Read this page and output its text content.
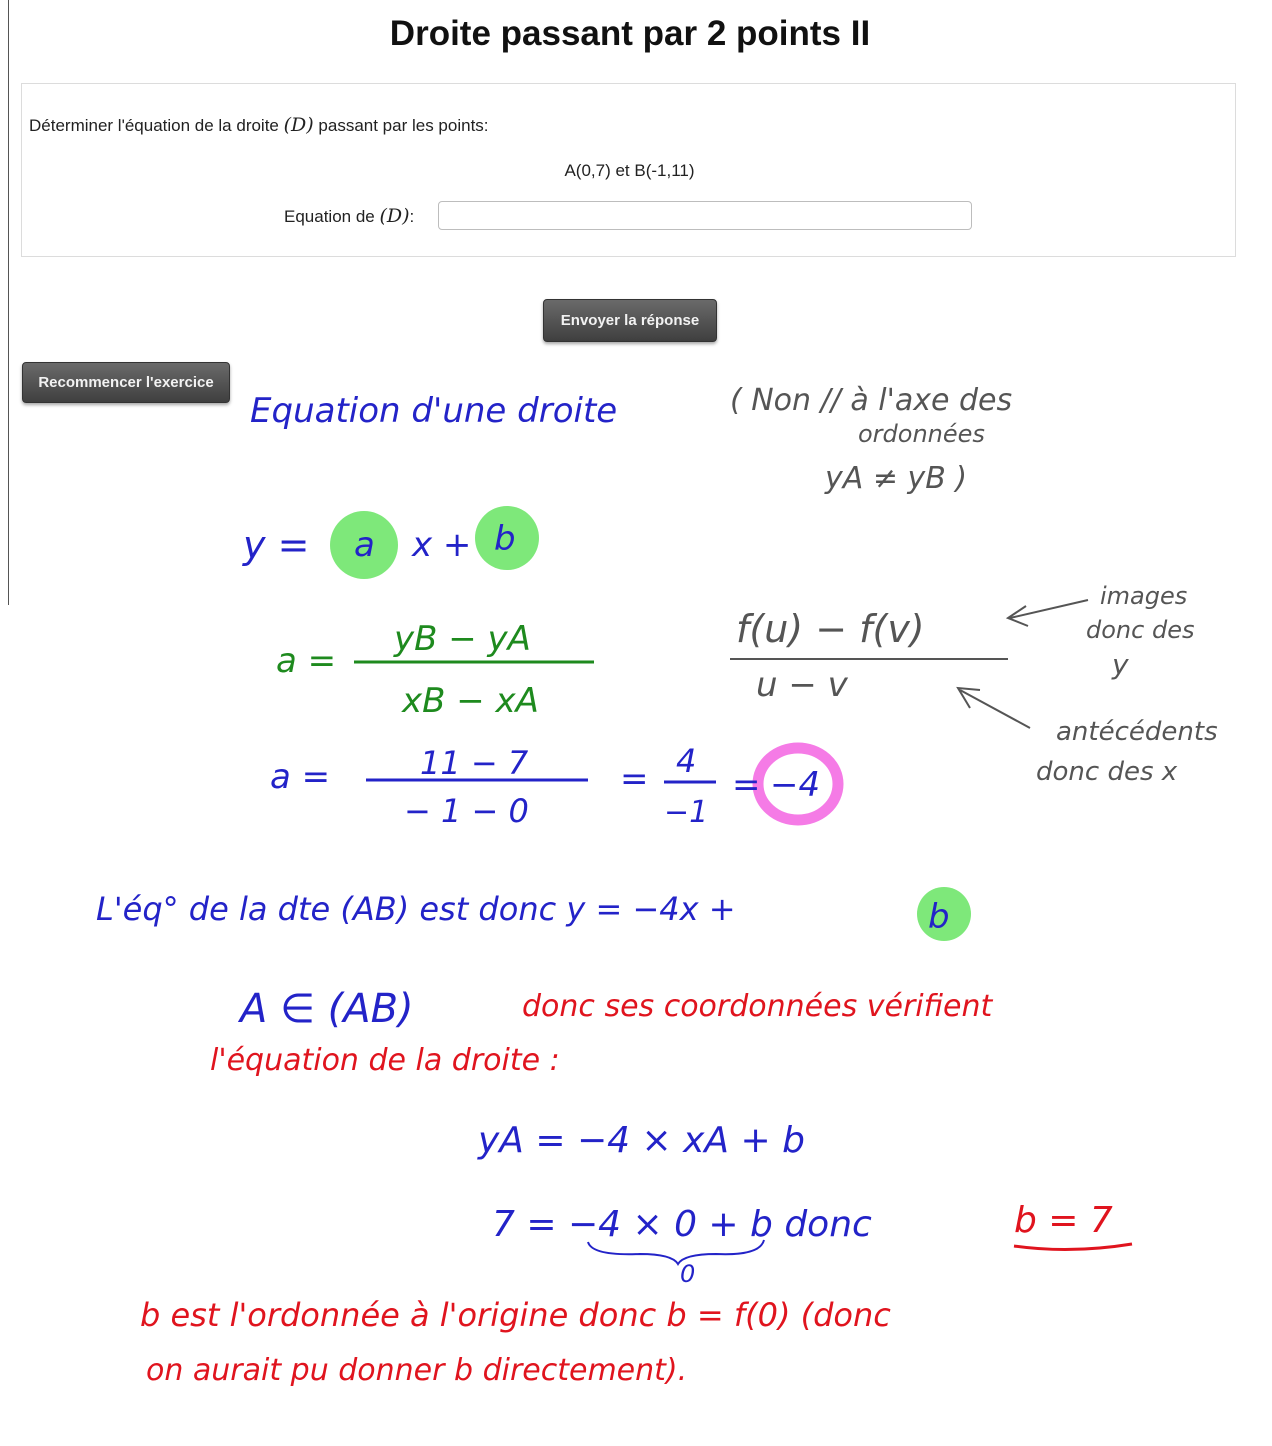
Droite passant par 2 points II
Déterminer l'équation de la droite (D) passant par les points:
A(0,7) et B(-1,11)
Equation de (D):
Envoyer la réponse
Recommencer l'exercice
Equation d'une droite	( Non // à l'axe des
ordonnées
yA ≠ yB )
y = a x + b
a =
yB − yA
xB − xA
f(u) − f(v)
u − v
images
donc des
y
antécédents
donc des x
a =	11 − 7
− 1 − 0
= 4
−1
= −4
L'éq° de la dte (AB) est donc y = −4x +	b
A ∈ (AB)	donc ses coordonnées vérifient
l'équation de la droite :
yA = −4 × xA + b
7 = −4 × 0 + b donc
0
b = 7
b est l'ordonnée à l'origine donc b = f(0) (donc
on aurait pu donner b directement).
